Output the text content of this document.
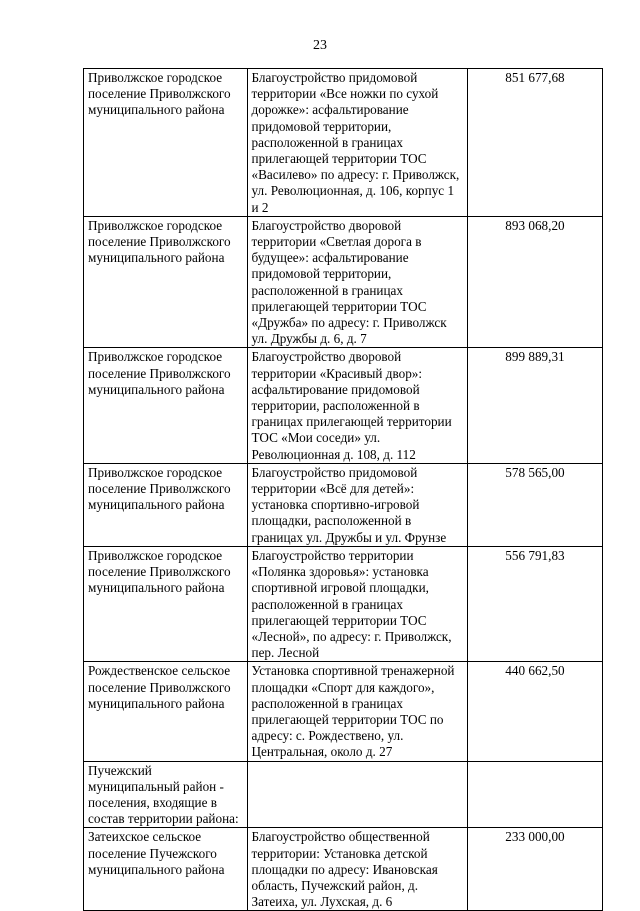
23
Приволжское городское поселение Приволжского муниципального района	Благоустройство придомовой территории «Все ножки по сухой дорожке»: асфальтирование придомовой территории, расположенной в границах прилегающей территории ТОС «Василево» по адресу: г. Приволжск, ул. Революционная, д. 106, корпус 1 и 2	851 677,68
Приволжское городское поселение Приволжского муниципального района	Благоустройство дворовой территории «Светлая дорога в будущее»: асфальтирование придомовой территории, расположенной в границах прилегающей территории ТОС «Дружба» по адресу: г. Приволжск ул. Дружбы д. 6, д. 7	893 068,20
Приволжское городское поселение Приволжского муниципального района	Благоустройство дворовой территории «Красивый двор»: асфальтирование придомовой территории, расположенной в границах прилегающей территории ТОС «Мои соседи» ул. Революционная д. 108, д. 112	899 889,31
Приволжское городское поселение Приволжского муниципального района	Благоустройство придомовой территории «Всё для детей»: установка спортивно-игровой площадки, расположенной в границах ул. Дружбы и ул. Фрунзе	578 565,00
Приволжское городское поселение Приволжского муниципального района	Благоустройство территории «Полянка здоровья»: установка спортивной игровой площадки, расположенной в границах прилегающей территории ТОС «Лесной», по адресу: г. Приволжск, пер. Лесной	556 791,83
Рождественское сельское поселение Приволжского муниципального района	Установка спортивной тренажерной площадки «Спорт для каждого», расположенной в границах прилегающей территории ТОС по адресу: с. Рождествено, ул. Центральная, около д. 27	440 662,50
Пучежский муниципальный район - поселения, входящие в состав территории района:		
Затеихское сельское поселение Пучежского муниципального района	Благоустройство общественной территории: Установка детской площадки по адресу: Ивановская область, Пучежский район, д. Затеиха, ул. Лухская, д. 6	233 000,00
